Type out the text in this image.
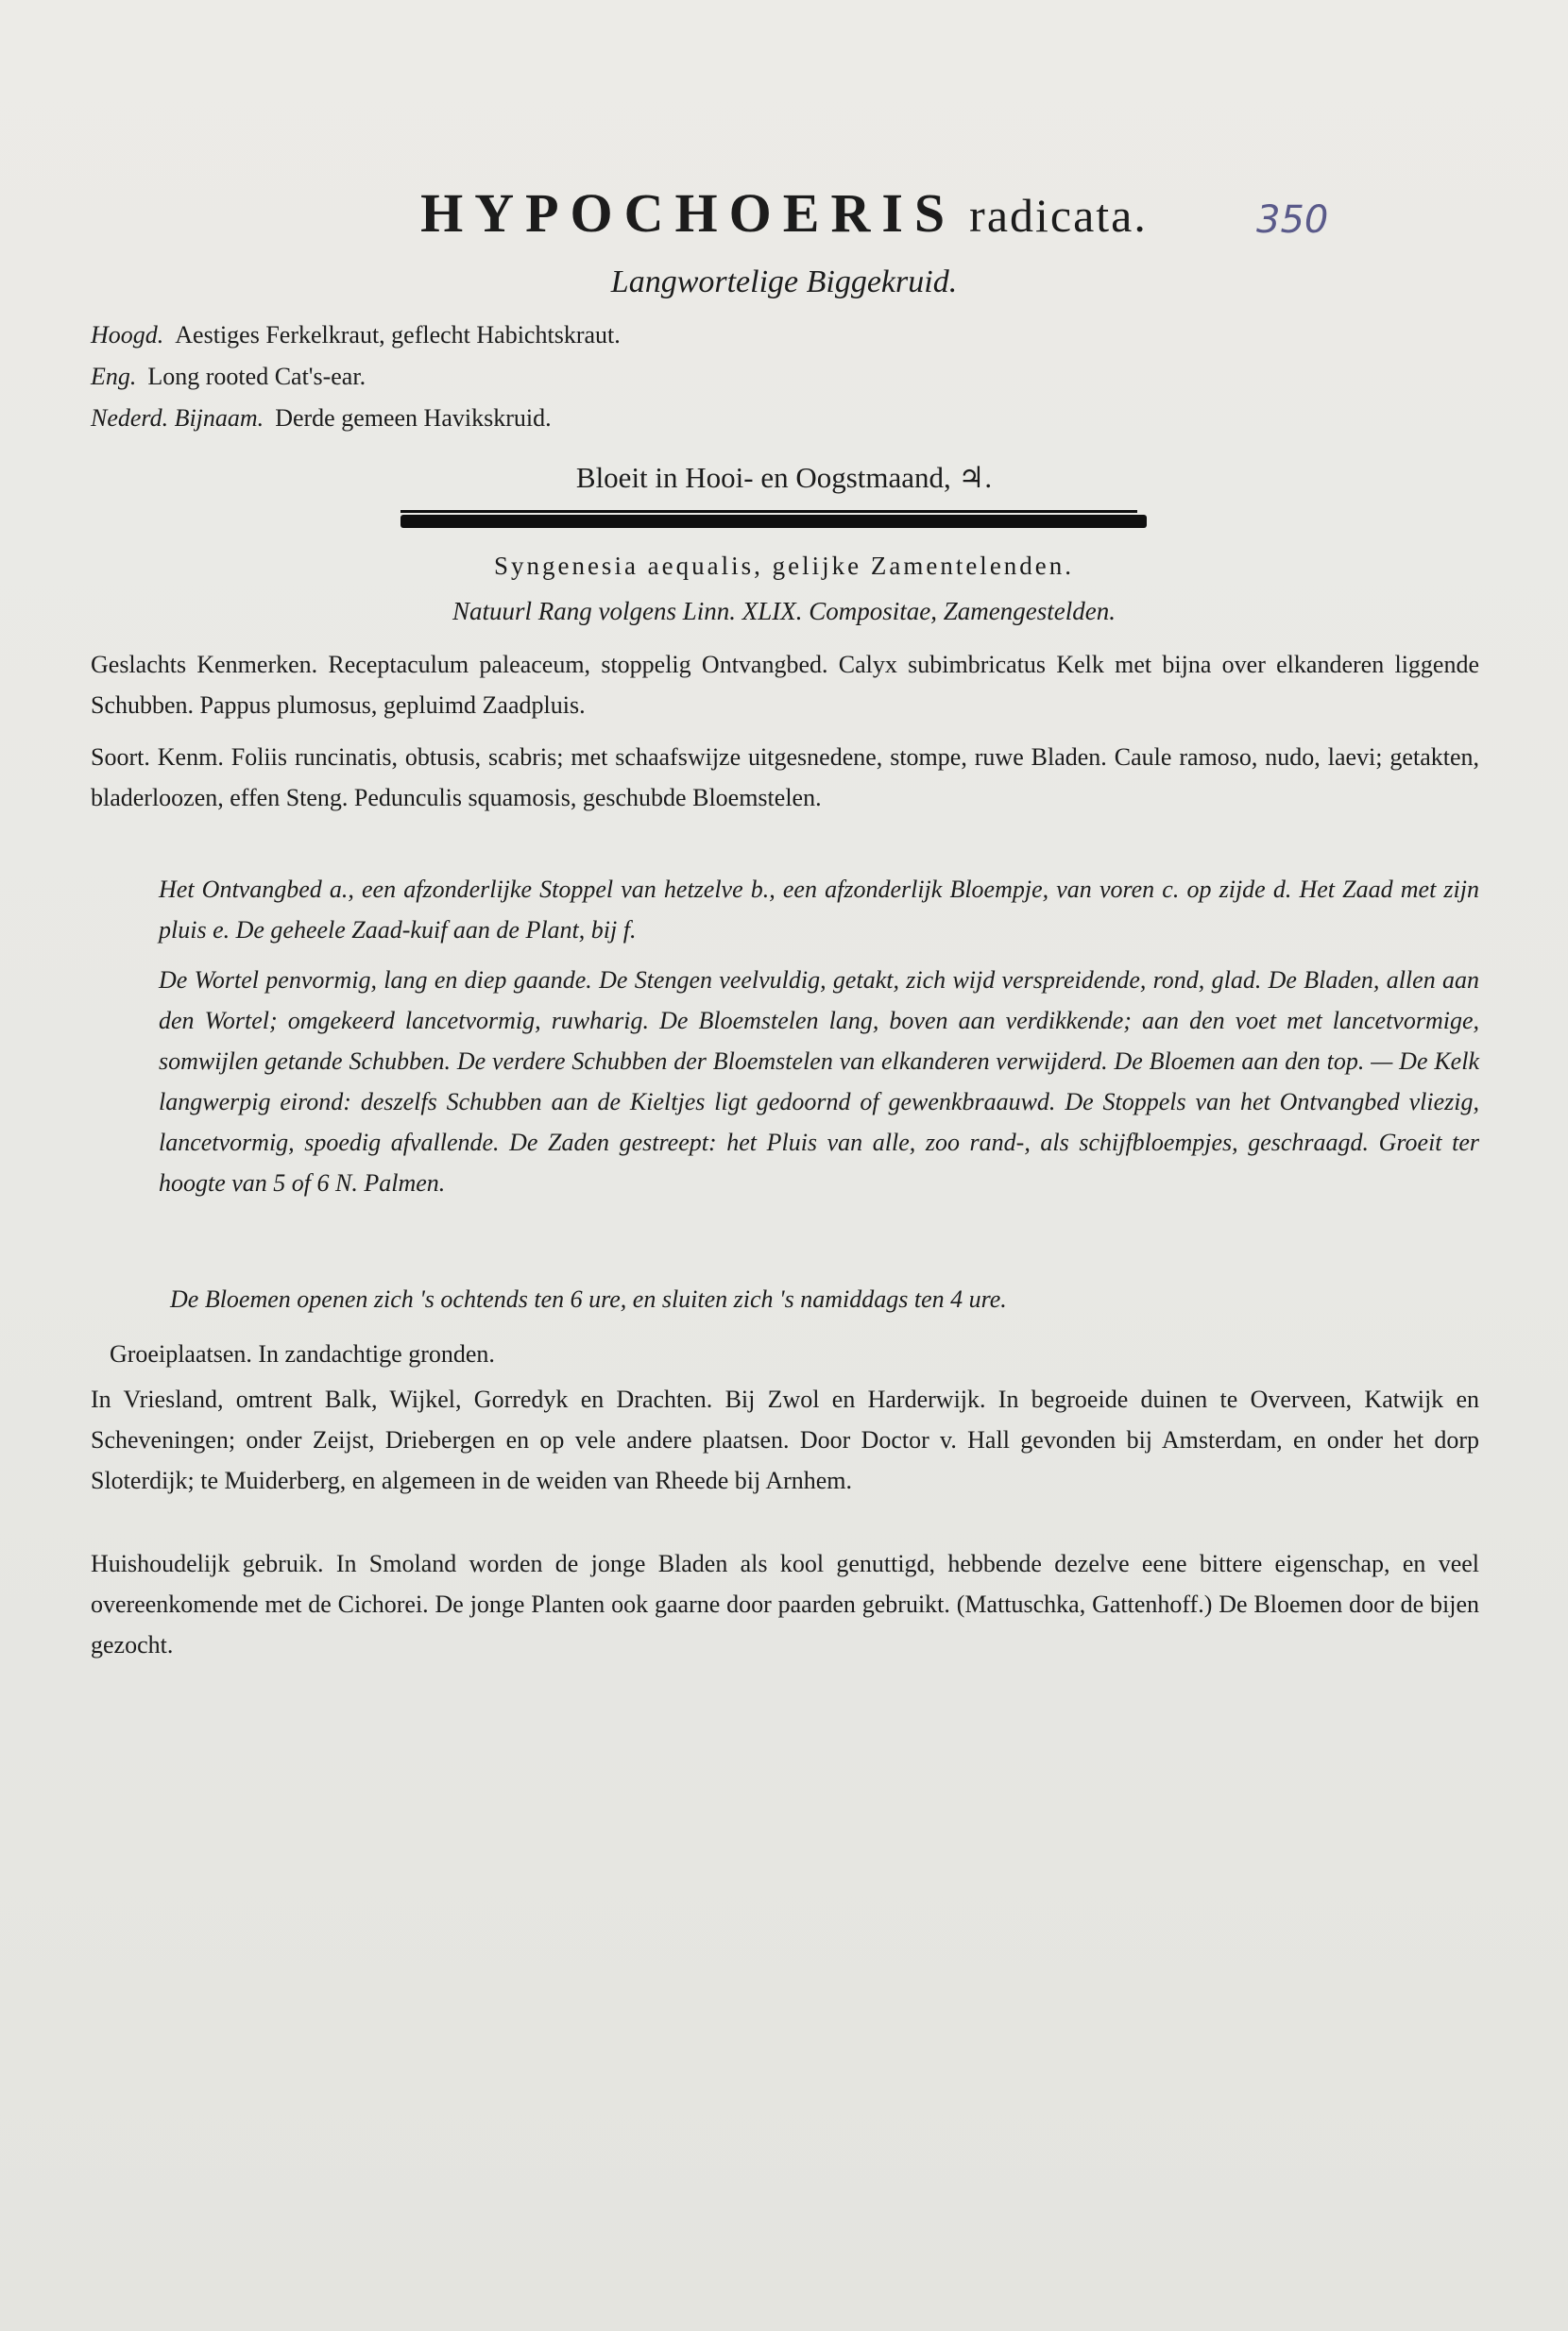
HYPOCHOERIS radicata.	350
Langwortelige Biggekruid.
Hoogd. Aestiges Ferkelkraut, geflecht Habichtskraut.
Eng. Long rooted Cat's-ear.
Nederd. Bijnaam. Derde gemeen Havikskruid.
Bloeit in Hooi- en Oogstmaand, ♃.
Syngenesia aequalis, gelijke Zamentelenden.
Natuurl Rang volgens Linn. XLIX. Compositae, Zamengestelden.
Geslachts Kenmerken. Receptaculum paleaceum, stoppelig Ontvangbed. Calyx subimbricatus Kelk met bijna over elkanderen liggende Schubben. Pappus plumosus, gepluimd Zaadpluis.
Soort. Kenm. Foliis runcinatis, obtusis, scabris; met schaafswijze uitgesnedene, stompe, ruwe Bladen. Caule ramoso, nudo, laevi; getakten, bladerloozen, effen Steng. Pedunculis squamosis, geschubde Bloemstelen.
Het Ontvangbed a., een afzonderlijke Stoppel van hetzelve b., een afzonderlijk Bloempje, van voren c. op zijde d. Het Zaad met zijn pluis e. De geheele Zaad-kuif aan de Plant, bij f.
De Wortel penvormig, lang en diep gaande. De Stengen veelvuldig, getakt, zich wijd verspreidende, rond, glad. De Bladen, allen aan den Wortel; omgekeerd lancetvormig, ruwharig. De Bloemstelen lang, boven aan verdikkende; aan den voet met lancetvormige, somwijlen getande Schubben. De verdere Schubben der Bloemstelen van elkanderen verwijderd. De Bloemen aan den top. — De Kelk langwerpig eirond: deszelfs Schubben aan de Kieltjes ligt gedoornd of gewenkbraauwd. De Stoppels van het Ontvangbed vliezig, lancetvormig, spoedig afvallende. De Zaden gestreept: het Pluis van alle, zoo rand-, als schijfbloempjes, geschraagd. Groeit ter hoogte van 5 of 6 N. Palmen.
De Bloemen openen zich 's ochtends ten 6 ure, en sluiten zich 's namiddags ten 4 ure.
Groeiplaatsen. In zandachtige gronden.
In Vriesland, omtrent Balk, Wijkel, Gorredyk en Drachten. Bij Zwol en Harderwijk. In begroeide duinen te Overveen, Katwijk en Scheveningen; onder Zeijst, Driebergen en op vele andere plaatsen. Door Doctor v. Hall gevonden bij Amsterdam, en onder het dorp Sloterdijk; te Muiderberg, en algemeen in de weiden van Rheede bij Arnhem.
Huishoudelijk gebruik. In Smoland worden de jonge Bladen als kool genuttigd, hebbende dezelve eene bittere eigenschap, en veel overeenkomende met de Cichorei. De jonge Planten ook gaarne door paarden gebruikt. (Mattuschka, Gattenhoff.) De Bloemen door de bijen gezocht.
